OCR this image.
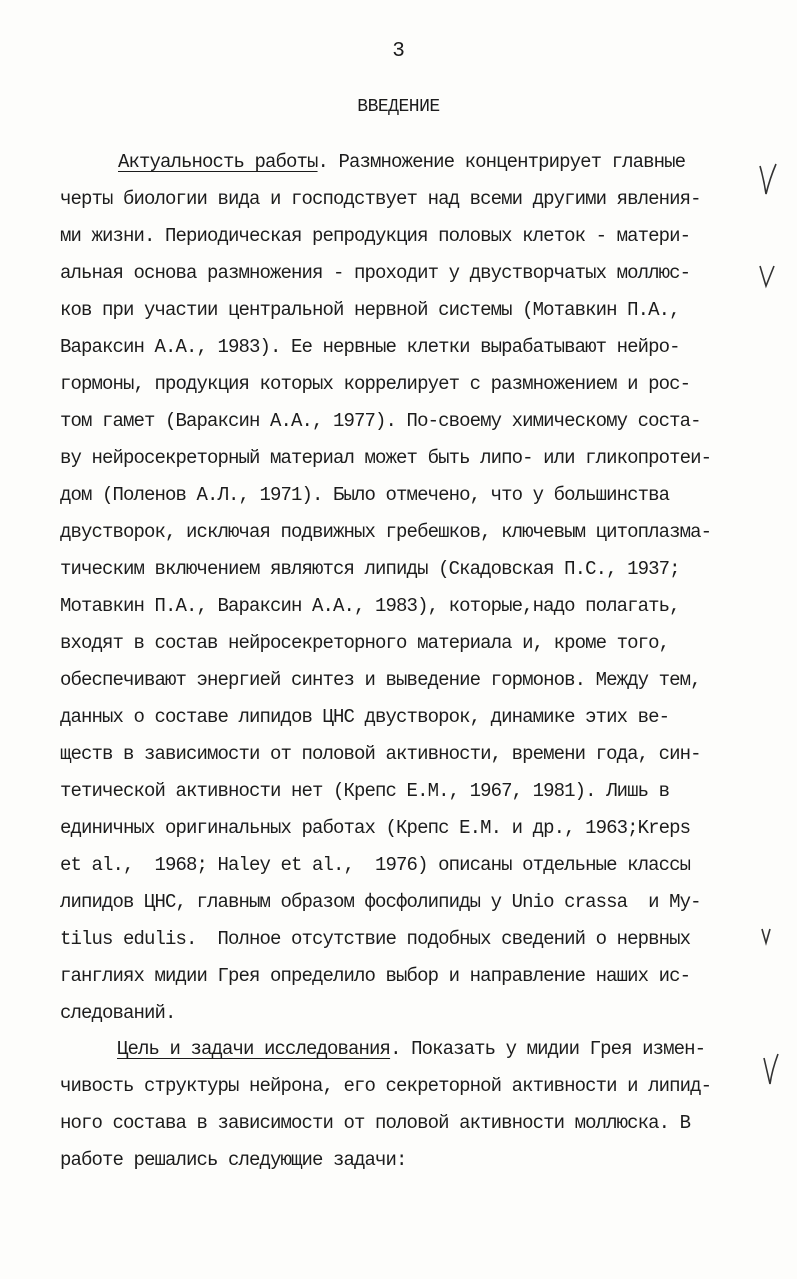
3
ВВЕДЕНИЕ
Актуальность работы. Размножение концентрирует главные
черты биологии вида и господствует над всеми другими явления-
ми жизни. Периодическая репродукция половых клеток - матери-
альная основа размножения - проходит у двустворчатых моллюс-
ков при участии центральной нервной системы (Мотавкин П.А.,
Вараксин А.А., 1983). Ее нервные клетки вырабатывают нейро-
гормоны, продукция которых коррелирует с размножением и рос-
том гамет (Вараксин А.А., 1977). По-своему химическому соста-
ву нейросекреторный материал может быть липо- или гликопротеи-
дом (Поленов А.Л., 1971). Было отмечено, что у большинства
двустворок, исключая подвижных гребешков, ключевым цитоплазма-
тическим включением являются липиды (Скадовская П.С., 1937;
Мотавкин П.А., Вараксин А.А., 1983), которые,надо полагать,
входят в состав нейросекреторного материала и, кроме того,
обеспечивают энергией синтез и выведение гормонов. Между тем,
данных о составе липидов ЦНС двустворок, динамике этих ве-
ществ в зависимости от половой активности, времени года, син-
тетической активности нет (Крепс Е.М., 1967, 1981). Лишь в
единичных оригинальных работах (Крепс Е.М. и др., 1963;Kreps
et al.,  1968; Haley et al.,  1976) описаны отдельные классы
липидов ЦНС, главным образом фосфолипиды у Unio crassa  и My-
tilus edulis.  Полное отсутствие подобных сведений о нервных
ганглиях мидии Грея определило выбор и направление наших ис-
следований.
Цель и задачи исследования. Показать у мидии Грея измен-
чивость структуры нейрона, его секреторной активности и липид-
ного состава в зависимости от половой активности моллюска. В
работе решались следующие задачи:
